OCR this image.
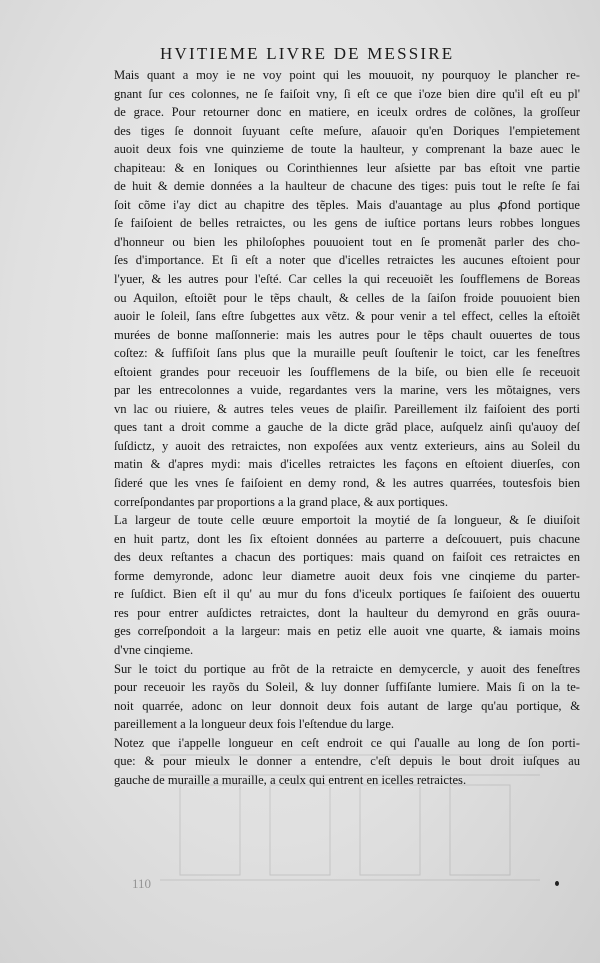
HVITIEME LIVRE DE MESSIRE
Mais quant a moy ie ne voy point qui les mouuoit, ny pourquoy le plancher re-
gnant ſur ces colonnes, ne ſe faiſoit vny, ſi eſt ce que i'oze bien dire qu'il eſt eu pl'
de grace. Pour retourner donc en matiere, en iceulx ordres de colõnes, la groſſeur
des tiges ſe donnoit ſuyuant ceſte meſure, aſauoir qu'en Doriques l'empietement
auoit deux fois vne quinzieme de toute la haulteur, y comprenant la baze auec le
chapiteau: & en Ioniques ou Corinthiennes leur aſsiette par bas eſtoit vne partie
de huit & demie données a la haulteur de chacune des tiges: puis tout le reſte ſe fai
ſoit cõme i'ay dict au chapitre des tẽples. Mais d'auantage au plus ꝓfond portique
ſe faiſoient de belles retraictes, ou les gens de iuſtice portans leurs robbes longues
d'honneur ou bien les philoſophes pouuoient tout en ſe promenãt parler des cho-
ſes d'importance. Et ſi eſt a noter que d'icelles retraictes les aucunes eſtoient pour
l'yuer, & les autres pour l'eſté. Car celles la qui receuoiẽt les ſoufflemens de Boreas
ou Aquilon, eſtoiẽt pour le tẽps chault, & celles de la ſaiſon froide pouuoient bien
auoir le ſoleil, ſans eſtre ſubgettes aux vẽtz. & pour venir a tel effect, celles la eſtoiẽt
murées de bonne maſſonnerie: mais les autres pour le tẽps chault ouuertes de tous
coſtez: & ſuffiſoit ſans plus que la muraille peuſt ſouſtenir le toict, car les feneſtres
eſtoient grandes pour receuoir les ſoufflemens de la biſe, ou bien elle ſe receuoit
par les entrecolonnes a vuide, regardantes vers la marine, vers les mõtaignes, vers
vn lac ou riuiere, & autres teles veues de plaiſir. Pareillement ilz faiſoient des porti
ques tant a droit comme a gauche de la dicte grãd place, auſquelz ainſi qu'auoy deſ
ſuſdictz, y auoit des retraictes, non expoſées aux ventz exterieurs, ains au Soleil du
matin & d'apres mydi: mais d'icelles retraictes les façons en eſtoient diuerſes, con
ſideré que les vnes ſe faiſoient en demy rond, & les autres quarrées, toutesfois bien
correſpondantes par proportions a la grand place, & aux portiques.
La largeur de toute celle œuure emportoit la moytié de ſa longueur, & ſe diuiſoit
en huit partz, dont les ſix eſtoient données au parterre a deſcouuert, puis chacune
des deux reſtantes a chacun des portiques: mais quand on faiſoit ces retraictes en
forme demyronde, adonc leur diametre auoit deux fois vne cinqieme du parter-
re ſuſdict. Bien eſt il qu' au mur du fons d'iceulx portiques ſe faiſoient des ouuertu
res pour entrer auſdictes retraictes, dont la haulteur du demyrond en grãs ouura-
ges correſpondoit a la largeur: mais en petiz elle auoit vne quarte, & iamais moins
d'vne cinqieme.
Sur le toict du portique au frõt de la retraicte en demycercle, y auoit des feneſtres
pour receuoir les rayõs du Soleil, & luy donner ſuffiſante lumiere. Mais ſi on la te-
noit quarrée, adonc on leur donnoit deux fois autant de large qu'au portique, &
pareillement a la longueur deux fois l'eſtendue du large.
Notez que i'appelle longueur en ceſt endroit ce qui ſ'aualle au long de ſon porti-
que: & pour mieulx le donner a entendre, c'eſt depuis le bout droit iuſques au
gauche de muraille a muraille, a ceulx qui entrent en icelles retraictes.
110
